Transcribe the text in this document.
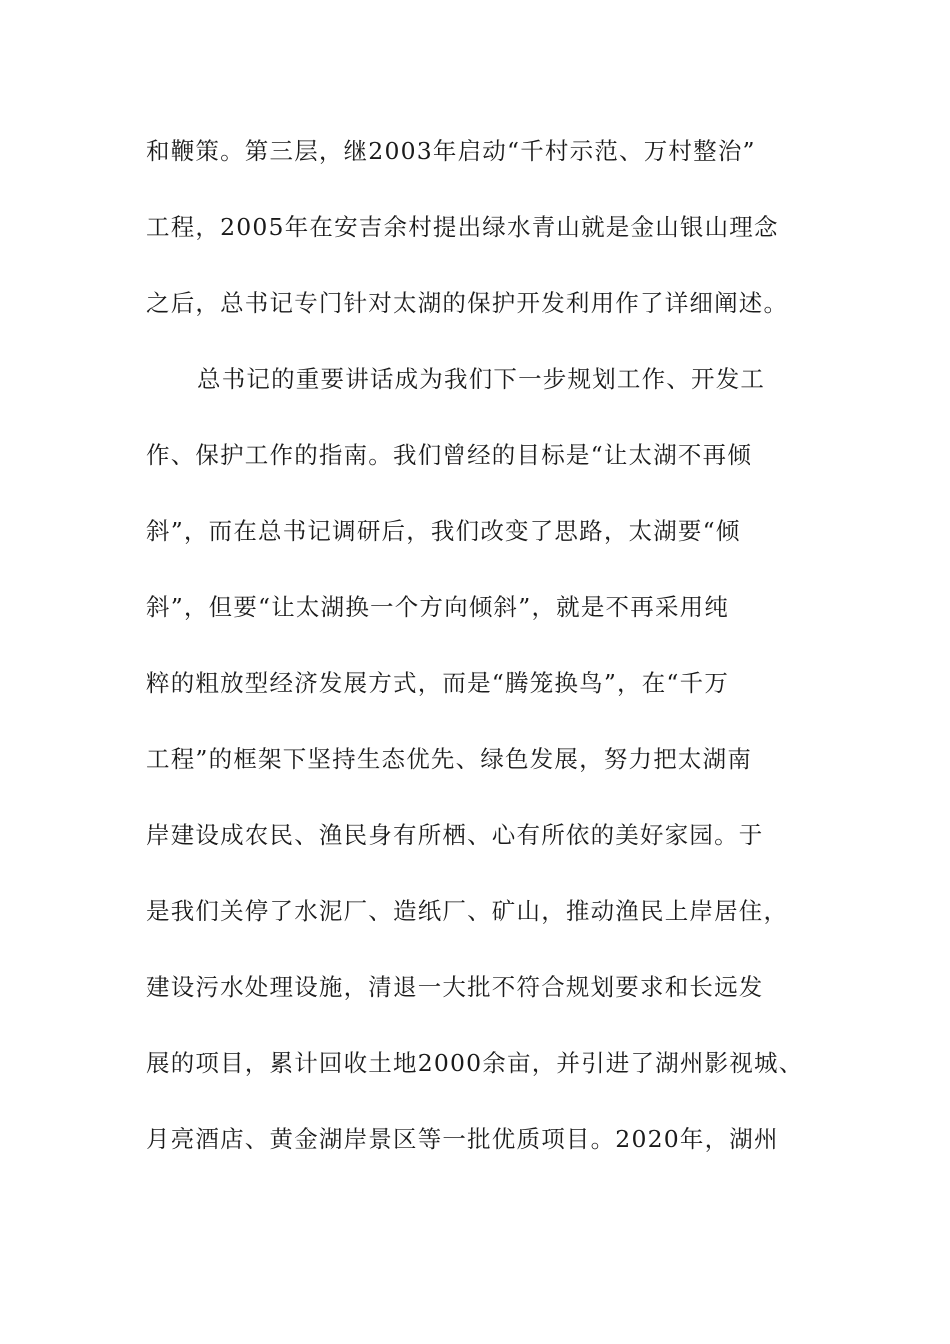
和鞭策。第三层，继2003年启动“千村示范、万村整治”
工程，2005年在安吉余村提出绿水青山就是金山银山理念
之后，总书记专门针对太湖的保护开发利用作了详细阐述。
总书记的重要讲话成为我们下一步规划工作、开发工
作、保护工作的指南。我们曾经的目标是“让太湖不再倾
斜”，而在总书记调研后，我们改变了思路，太湖要“倾
斜”，但要“让太湖换一个方向倾斜”，就是不再采用纯
粹的粗放型经济发展方式，而是“腾笼换鸟”，在“千万
工程”的框架下坚持生态优先、绿色发展，努力把太湖南
岸建设成农民、渔民身有所栖、心有所依的美好家园。于
是我们关停了水泥厂、造纸厂、矿山，推动渔民上岸居住，
建设污水处理设施，清退一大批不符合规划要求和长远发
展的项目，累计回收土地2000余亩，并引进了湖州影视城、
月亮酒店、黄金湖岸景区等一批优质项目。2020年，湖州
